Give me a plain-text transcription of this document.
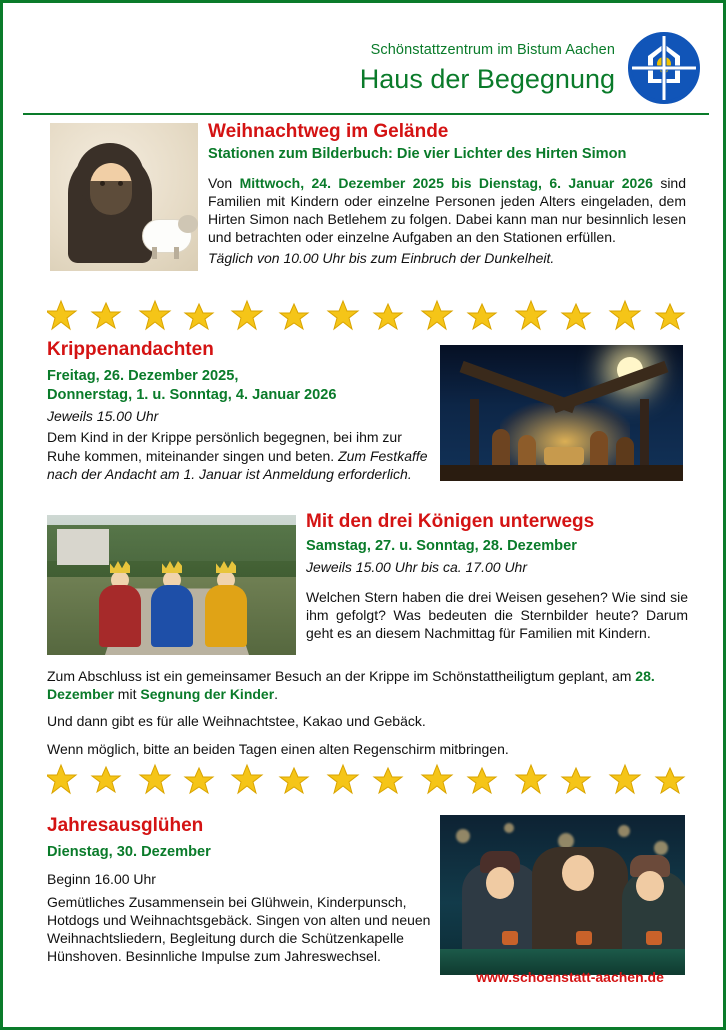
Schönstattzentrum im Bistum Aachen
Haus der Begegnung
Weihnachtweg im Gelände
Stationen zum Bilderbuch: Die vier Lichter des Hirten Simon
Von Mittwoch, 24. Dezember 2025 bis Dienstag, 6. Januar 2026 sind Familien mit Kindern oder einzelne Personen jeden Alters eingeladen, dem Hirten Simon nach Betlehem zu folgen. Dabei kann man nur besinnlich lesen und betrachten oder einzelne Aufgaben an den Stationen erfüllen.
Täglich von 10.00 Uhr bis zum Einbruch der Dunkelheit.
Krippenandachten
Freitag, 26. Dezember 2025,
Donnerstag, 1. u. Sonntag, 4. Januar 2026
Jeweils 15.00 Uhr
Dem Kind in der Krippe persönlich begegnen, bei ihm zur Ruhe kommen, miteinander singen und beten. Zum Festkaffe nach der Andacht am 1. Januar ist Anmeldung erforderlich.
Mit den drei Königen unterwegs
Samstag, 27. u. Sonntag, 28. Dezember
Jeweils 15.00 Uhr bis ca. 17.00 Uhr
Welchen Stern haben die drei Weisen gesehen? Wie sind sie ihm gefolgt? Was bedeuten die Sternbilder heute? Darum geht es an diesem Nachmittag für Familien mit Kindern.

Zum Abschluss ist ein gemeinsamer Besuch an der Krippe im Schönstattheiligtum geplant, am 28. Dezember mit Segnung der Kinder.

Und dann gibt es für alle Weihnachtstee, Kakao und Gebäck.

Wenn möglich, bitte an beiden Tagen einen alten Regenschirm mitbringen.

Jahresausglühen
Dienstag, 30. Dezember
Beginn 16.00 Uhr
Gemütliches Zusammensein bei Glühwein, Kinderpunsch, Hotdogs und Weihnachtsgebäck. Singen von alten und neuen Weihnachtsliedern, Begleitung durch die Schützenkapelle Hünshoven. Besinnliche Impulse zum Jahreswechsel.
www.schoenstatt-aachen.de
